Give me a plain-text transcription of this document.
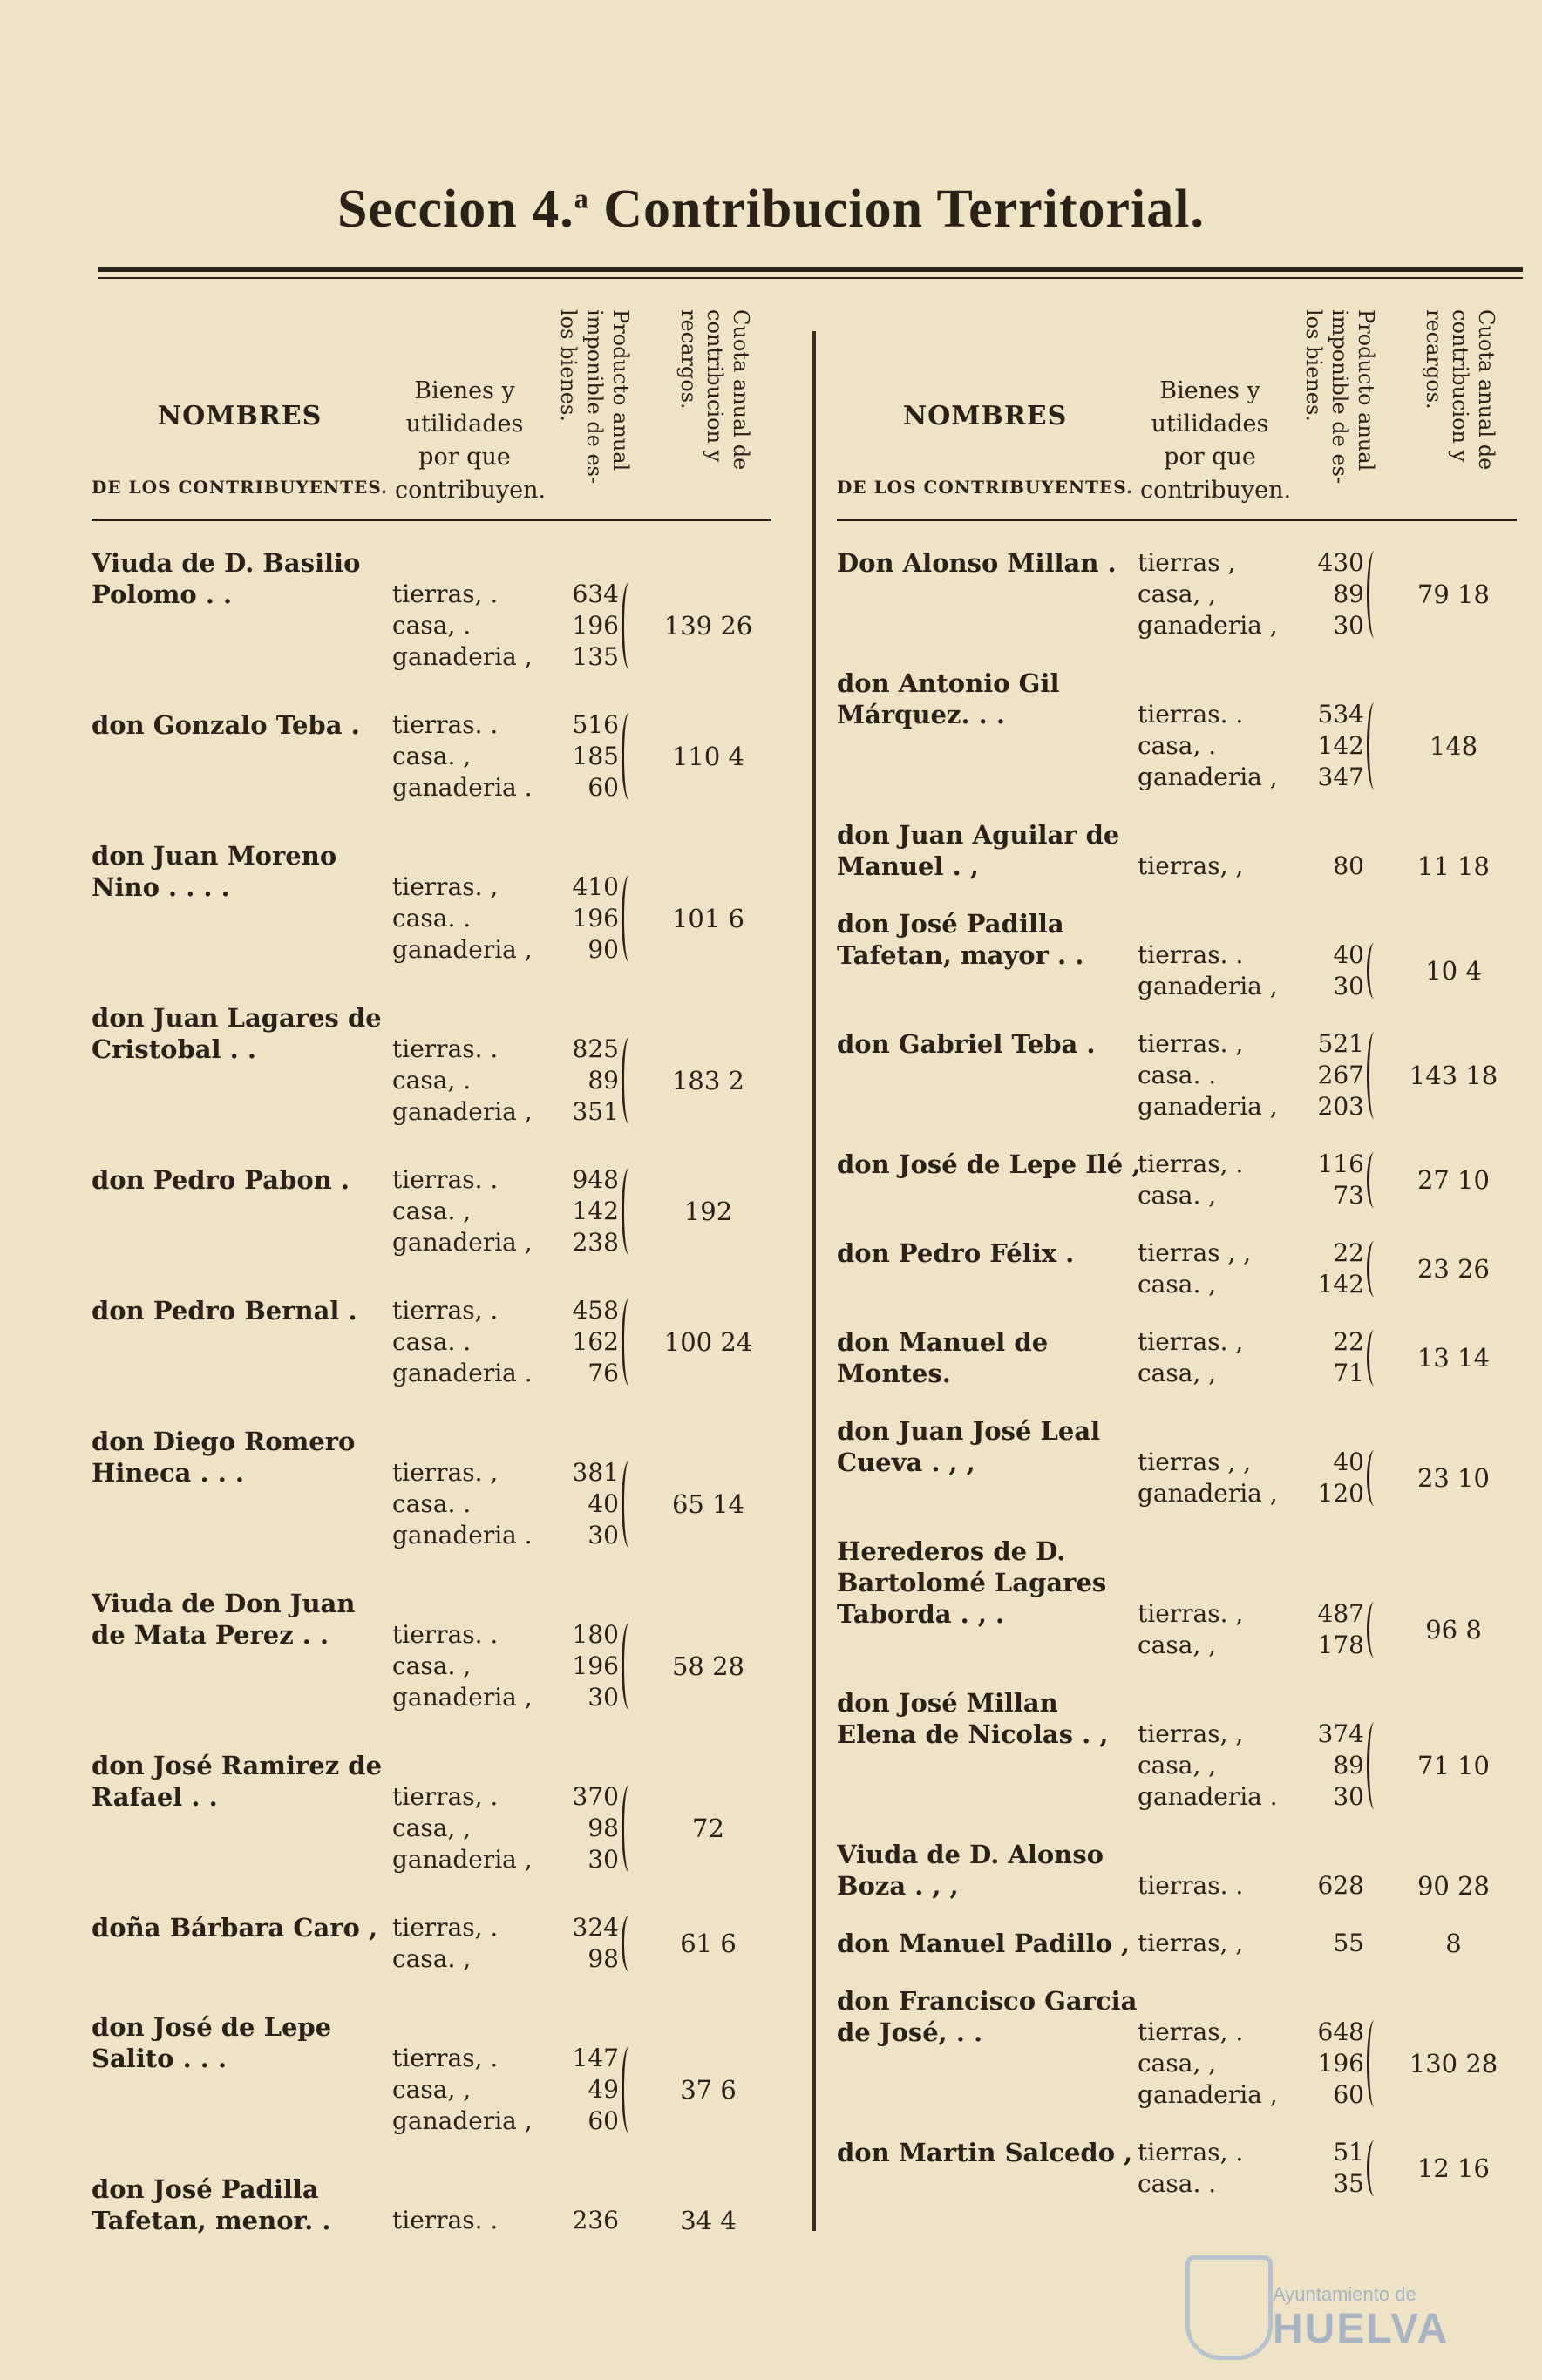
Seccion 4.$^a$ Contribucion Territorial.
NOMBRES
DE LOS CONTRIBUYENTES.
Bienes y utilidades por que contribuyen.
Producto anual imponible de es- los bienes.	Cuota anual de contribucion y recargos.
Viuda de D. Basilio Polomo . .	tierras, .	634
casa, .	196
ganaderia ,	135
139 26
don Gonzalo Teba .	tierras. .	516
casa. ,	185
ganaderia .	60
110 4
don Juan Moreno Nino . . . .	tierras. ,	410
casa. .	196
ganaderia ,	90
101 6
don Juan Lagares de Cristobal . .	tierras. .	825
casa, .	89
ganaderia ,	351
183 2
don Pedro Pabon .	tierras. .	948
casa. ,	142
ganaderia ,	238
192
don Pedro Bernal .	tierras, .	458
casa. .	162
ganaderia .	76
100 24
don Diego Romero Hineca . . .	tierras. ,	381
casa. .	40
ganaderia .	30
65 14
Viuda de Don Juan de Mata Perez . .	tierras. .	180
casa. ,	196
ganaderia ,	30
58 28
don José Ramirez de Rafael . .	tierras, .	370
casa, ,	98
ganaderia ,	30
72
doña Bárbara Caro , tierras, .	324
casa. ,	98
61 6
don José de Lepe Salito . . .	tierras, .	147
casa, ,	49
ganaderia ,	60
37 6
don José Padilla Tafetan, menor. .	tierras. .	236	34 4
NOMBRES
DE LOS CONTRIBUYENTES.
Bienes y utilidades por que contribuyen.
Producto anual imponible de es- los bienes.	Cuota anual de contribucion y recargos.
Don Alonso Millan . tierras ,	430
casa, ,	89
ganaderia ,	30
79 18
don Antonio Gil Márquez. . .	tierras. .	534
casa, .	142
ganaderia ,	347
148
don Juan Aguilar de Manuel . ,	tierras, ,	80	11 18
don José Padilla Tafetan, mayor . .	tierras. .	40
ganaderia ,	30
10 4
don Gabriel Teba .	tierras. ,	521
casa. .	267
ganaderia ,	203
143 18
don José de Lepe Ilé ,
tierras, .	116
casa. ,	73
27 10
don Pedro Félix .	tierras , ,	22
casa. ,	142
23 26
don Manuel de Montes.
tierras. ,	22
casa, ,	71
13 14
don Juan José Leal Cueva . , ,	tierras , ,	40
ganaderia ,	120
23 10
Herederos de D. Bartolomé Lagares Taborda . , .	tierras. ,	487
casa, ,	178
96 8
don José Millan Elena de Nicolas . ,	tierras, ,	374
casa, ,	89
ganaderia .	30
71 10
Viuda de D. Alonso Boza . , ,	tierras. .	628	90 28
don Manuel Padillo , tierras, ,	55	8
don Francisco Garcia de José, . .	tierras, .	648
casa, ,	196
ganaderia ,	60
130 28
don Martin Salcedo , tierras, .	51
casa. .	35
12 16
Ayuntamiento de
HUELVA
